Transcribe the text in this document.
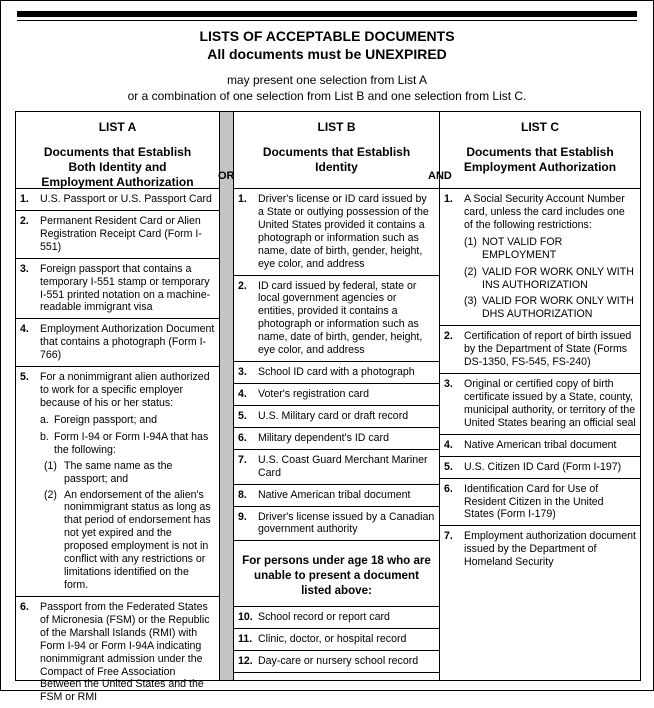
LISTS OF ACCEPTABLE DOCUMENTS
All documents must be UNEXPIRED
may present one selection from List A
or a combination of one selection from List B and one selection from List C.
LIST A
Documents that Establish Both Identity and Employment Authorization
1. U.S. Passport or U.S. Passport Card
2. Permanent Resident Card or Alien Registration Receipt Card (Form I-551)
3. Foreign passport that contains a temporary I-551 stamp or temporary I-551 printed notation on a machine-readable immigrant visa
4. Employment Authorization Document that contains a photograph (Form I-766)
5. For a nonimmigrant alien authorized to work for a specific employer because of his or her status:
a. Foreign passport; and
b. Form I-94 or Form I-94A that has the following:
(1) The same name as the passport; and
(2) An endorsement of the alien's nonimmigrant status as long as that period of endorsement has not yet expired and the proposed employment is not in conflict with any restrictions or limitations identified on the form.
6. Passport from the Federated States of Micronesia (FSM) or the Republic of the Marshall Islands (RMI) with Form I-94 or Form I-94A indicating nonimmigrant admission under the Compact of Free Association Between the United States and the FSM or RMI
LIST B
Documents that Establish Identity
1. Driver's license or ID card issued by a State or outlying possession of the United States provided it contains a photograph or information such as name, date of birth, gender, height, eye color, and address
2. ID card issued by federal, state or local government agencies or entities, provided it contains a photograph or information such as name, date of birth, gender, height, eye color, and address
3. School ID card with a photograph
4. Voter's registration card
5. U.S. Military card or draft record
6. Military dependent's ID card
7. U.S. Coast Guard Merchant Mariner Card
8. Native American tribal document
9. Driver's license issued by a Canadian government authority
For persons under age 18 who are unable to present a document listed above:
10. School record or report card
11. Clinic, doctor, or hospital record
12. Day-care or nursery school record
LIST C
Documents that Establish Employment Authorization
1. A Social Security Account Number card, unless the card includes one of the following restrictions:
(1) NOT VALID FOR EMPLOYMENT
(2) VALID FOR WORK ONLY WITH INS AUTHORIZATION
(3) VALID FOR WORK ONLY WITH DHS AUTHORIZATION
2. Certification of report of birth issued by the Department of State (Forms DS-1350, FS-545, FS-240)
3. Original or certified copy of birth certificate issued by a State, county, municipal authority, or territory of the United States bearing an official seal
4. Native American tribal document
5. U.S. Citizen ID Card (Form I-197)
6. Identification Card for Use of Resident Citizen in the United States (Form I-179)
7. Employment authorization document issued by the Department of Homeland Security
OR	AND
